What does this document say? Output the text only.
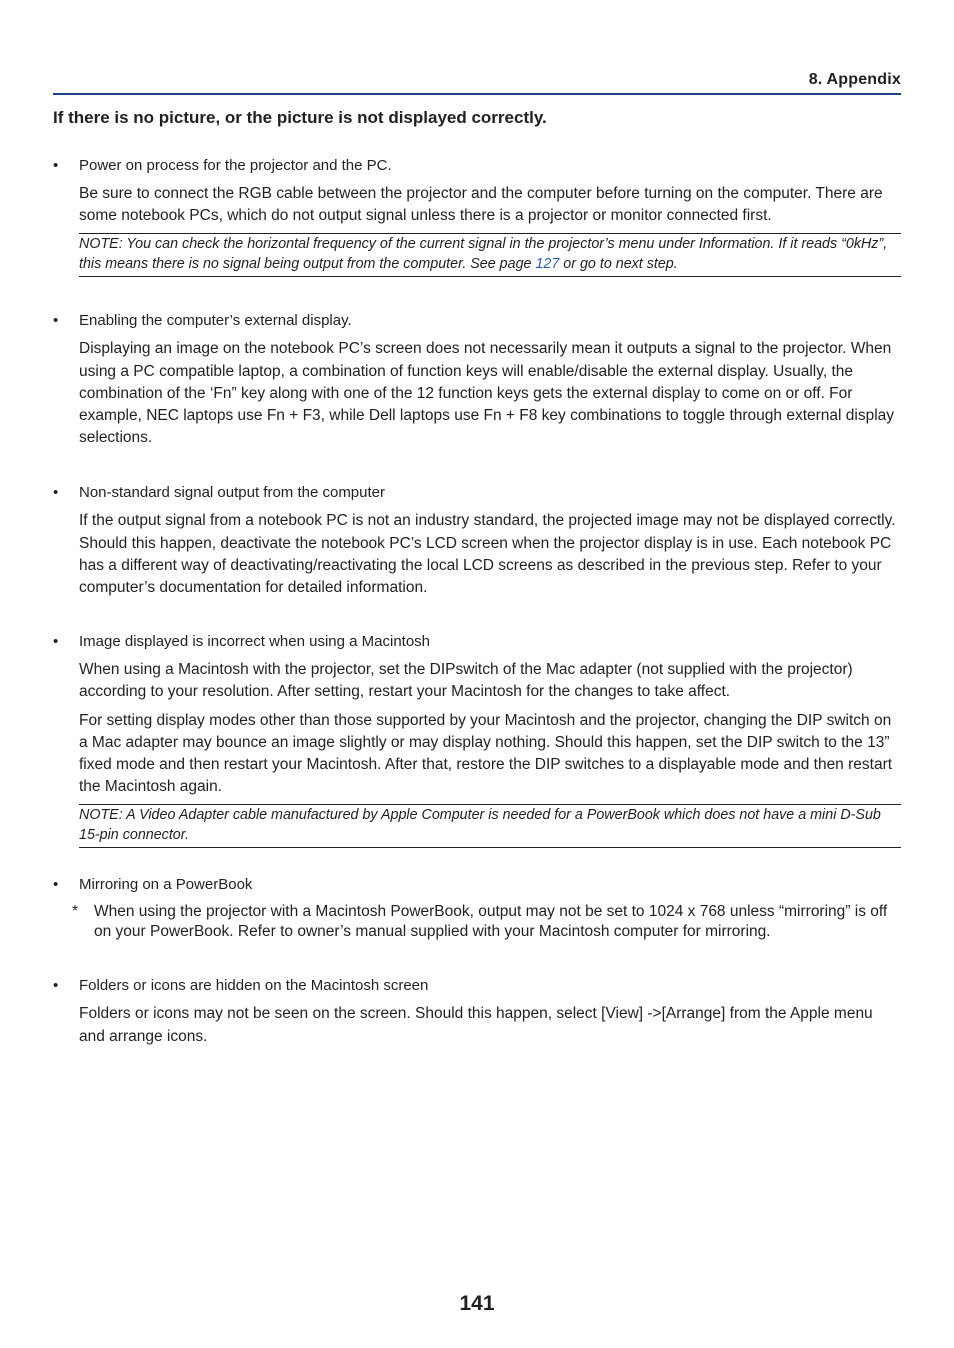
8. Appendix
If there is no picture, or the picture is not displayed correctly.
• Power on process for the projector and the PC.
Be sure to connect the RGB cable between the projector and the computer before turning on the computer. There are some notebook PCs, which do not output signal unless there is a projector or monitor connected first.
NOTE: You can check the horizontal frequency of the current signal in the projector’s menu under Information. If it reads “0kHz”, this means there is no signal being output from the computer. See page 127 or go to next step.
• Enabling the computer’s external display.
Displaying an image on the notebook PC’s screen does not necessarily mean it outputs a signal to the projector. When using a PC compatible laptop, a combination of function keys will enable/disable the external display. Usually, the combination of the ‘Fn” key along with one of the 12 function keys gets the external display to come on or off. For example, NEC laptops use Fn + F3, while Dell laptops use Fn + F8 key combinations to toggle through external display selections.
• Non-standard signal output from the computer
If the output signal from a notebook PC is not an industry standard, the projected image may not be displayed correctly. Should this happen, deactivate the notebook PC’s LCD screen when the projector display is in use. Each notebook PC has a different way of deactivating/reactivating the local LCD screens as described in the previous step. Refer to your computer’s documentation for detailed information.
• Image displayed is incorrect when using a Macintosh
When using a Macintosh with the projector, set the DIPswitch of the Mac adapter (not supplied with the projector) according to your resolution. After setting, restart your Macintosh for the changes to take affect.
For setting display modes other than those supported by your Macintosh and the projector, changing the DIP switch on a Mac adapter may bounce an image slightly or may display nothing. Should this happen, set the DIP switch to the 13” fixed mode and then restart your Macintosh. After that, restore the DIP switches to a displayable mode and then restart the Macintosh again.
NOTE: A Video Adapter cable manufactured by Apple Computer is needed for a PowerBook which does not have a mini D-Sub 15-pin connector.
• Mirroring on a PowerBook
* When using the projector with a Macintosh PowerBook, output may not be set to 1024 x 768 unless “mirroring” is off on your PowerBook. Refer to owner’s manual supplied with your Macintosh computer for mirroring.
• Folders or icons are hidden on the Macintosh screen
Folders or icons may not be seen on the screen. Should this happen, select [View] ->[Arrange] from the Apple menu and arrange icons.
141
